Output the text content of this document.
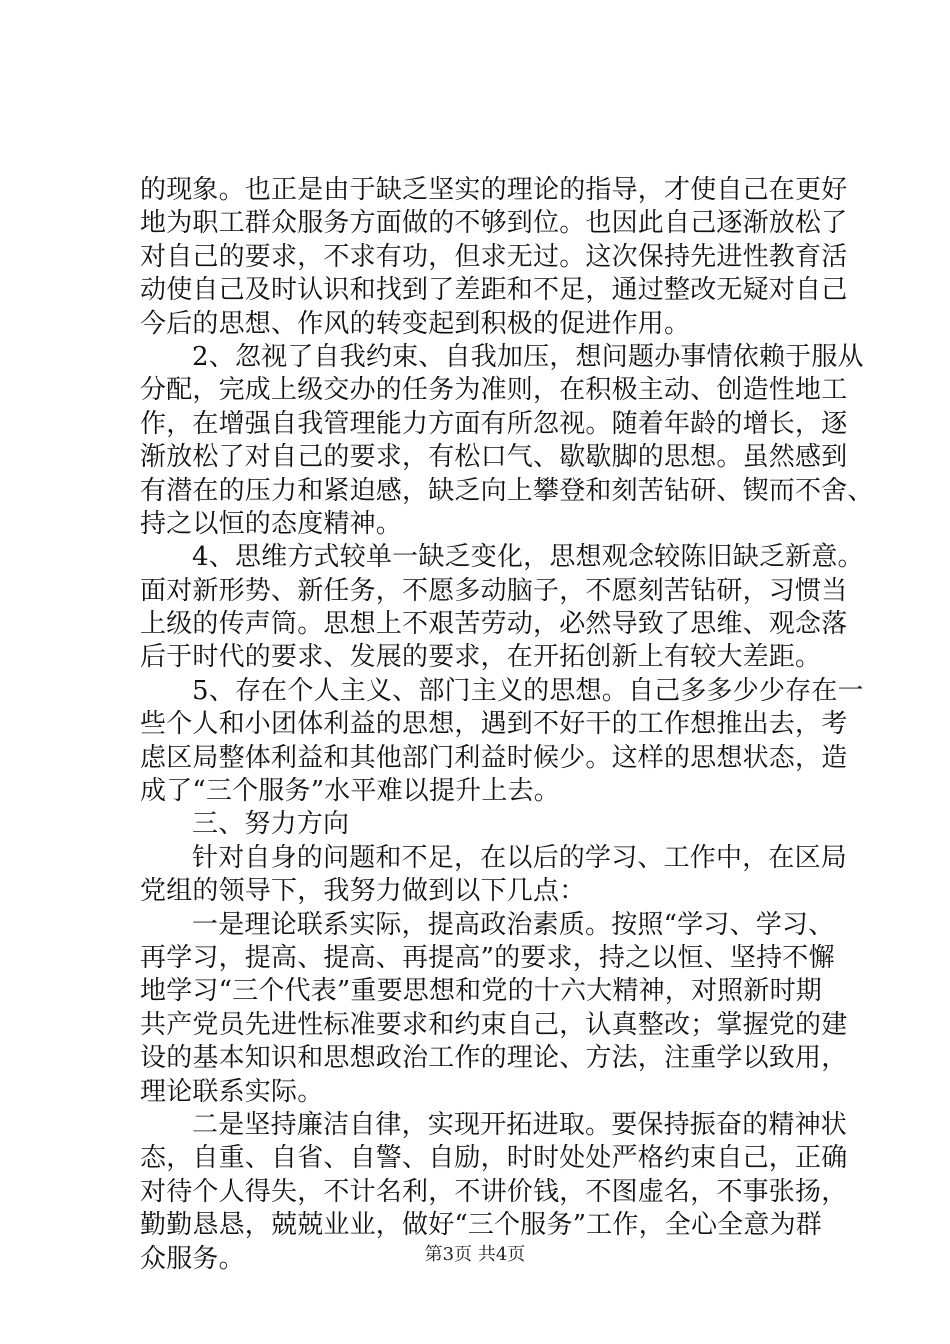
的现象。也正是由于缺乏坚实的理论的指导，才使自己在更好
地为职工群众服务方面做的不够到位。也因此自己逐渐放松了
对自己的要求，不求有功，但求无过。这次保持先进性教育活
动使自己及时认识和找到了差距和不足，通过整改无疑对自己
今后的思想、作风的转变起到积极的促进作用。
2、忽视了自我约束、自我加压，想问题办事情依赖于服从
分配，完成上级交办的任务为准则，在积极主动、创造性地工
作，在增强自我管理能力方面有所忽视。随着年龄的增长，逐
渐放松了对自己的要求，有松口气、歇歇脚的思想。虽然感到
有潜在的压力和紧迫感，缺乏向上攀登和刻苦钻研、锲而不舍、
持之以恒的态度精神。
4、思维方式较单一缺乏变化，思想观念较陈旧缺乏新意。
面对新形势、新任务，不愿多动脑子，不愿刻苦钻研，习惯当
上级的传声筒。思想上不艰苦劳动，必然导致了思维、观念落
后于时代的要求、发展的要求，在开拓创新上有较大差距。
5、存在个人主义、部门主义的思想。自己多多少少存在一
些个人和小团体利益的思想，遇到不好干的工作想推出去，考
虑区局整体利益和其他部门利益时候少。这样的思想状态，造
成了“三个服务”水平难以提升上去。
三、努力方向
针对自身的问题和不足，在以后的学习、工作中，在区局
党组的领导下，我努力做到以下几点：
一是理论联系实际，提高政治素质。按照“学习、学习、
再学习，提高、提高、再提高”的要求，持之以恒、坚持不懈
地学习“三个代表”重要思想和党的十六大精神，对照新时期
共产党员先进性标准要求和约束自己，认真整改；掌握党的建
设的基本知识和思想政治工作的理论、方法，注重学以致用，
理论联系实际。
二是坚持廉洁自律，实现开拓进取。要保持振奋的精神状
态，自重、自省、自警、自励，时时处处严格约束自己，正确
对待个人得失，不计名利，不讲价钱，不图虚名，不事张扬，
勤勤恳恳，兢兢业业，做好“三个服务”工作，全心全意为群
众服务。	第3页 共4页
